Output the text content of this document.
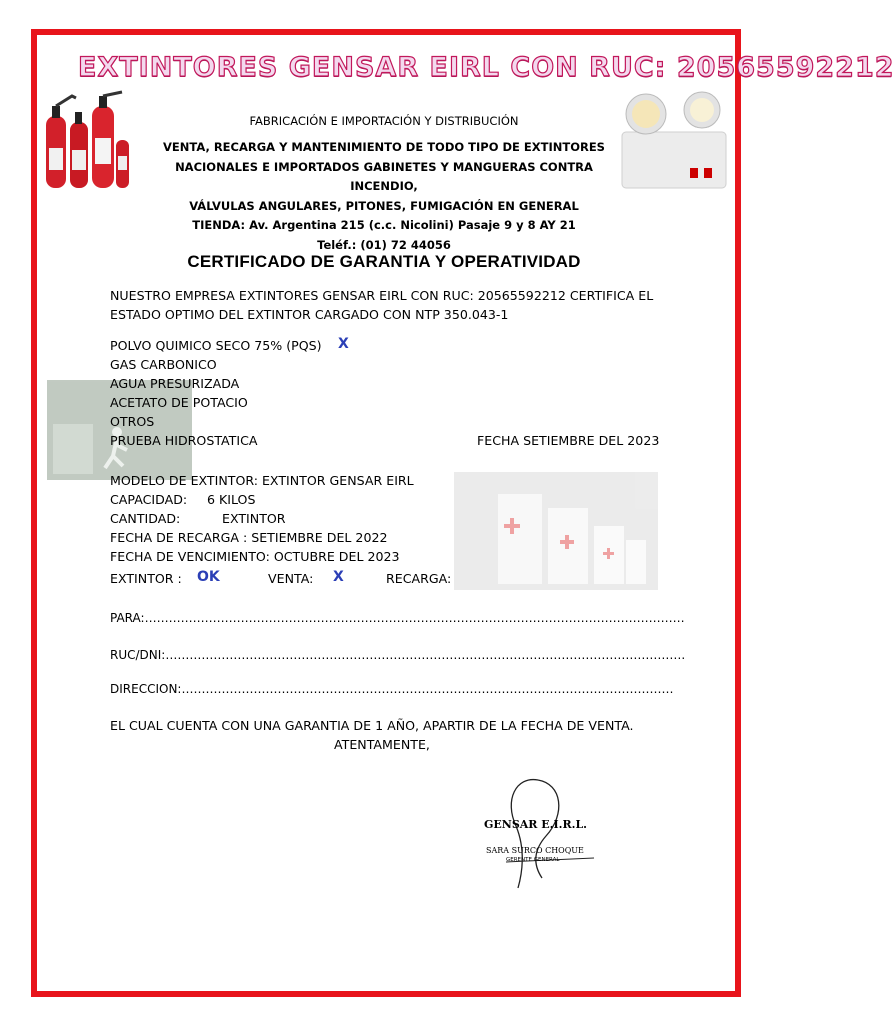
EXTINTORES GENSAR EIRL CON RUC: 20565592212
FABRICACIÓN E IMPORTACIÓN Y DISTRIBUCIÓN
VENTA, RECARGA Y MANTENIMIENTO DE TODO TIPO DE EXTINTORES
NACIONALES E IMPORTADOS GABINETES Y MANGUERAS CONTRA INCENDIO,
VÁLVULAS ANGULARES, PITONES, FUMIGACIÓN EN GENERAL
TIENDA: Av. Argentina 215 (c.c. Nicolini) Pasaje 9 y 8 AY 21
Teléf.: (01) 72 44056
CERTIFICADO DE GARANTIA Y OPERATIVIDAD
NUESTRO EMPRESA EXTINTORES GENSAR EIRL CON RUC: 20565592212 CERTIFICA EL
ESTADO OPTIMO DEL EXTINTOR CARGADO CON NTP 350.043-1
POLVO QUIMICO SECO 75% (PQS) X
GAS CARBONICO
AGUA PRESURIZADA
ACETATO DE POTACIO
OTROS
PRUEBA HIDROSTATICA	FECHA SETIEMBRE DEL 2023
MODELO DE EXTINTOR: EXTINTOR GENSAR EIRL
CAPACIDAD: 6 KILOS
CANTIDAD:	EXTINTOR
FECHA DE RECARGA : SETIEMBRE DEL 2022
FECHA DE VENCIMIENTO: OCTUBRE DEL 2023
EXTINTOR : OK	VENTA: X	RECARGA:
PARA:………………………………………………………………………………………………………………………
RUC/DNI:………………………………………………………………………………………………………………….
DIRECCION:……………………………………………………………………………………………………………
EL CUAL CUENTA CON UNA GARANTIA DE 1 AÑO, APARTIR DE LA FECHA DE VENTA.
ATENTAMENTE,
GENSAR E.I.R.L.
SARA SURCO CHOQUE
GERENTE GENERAL
